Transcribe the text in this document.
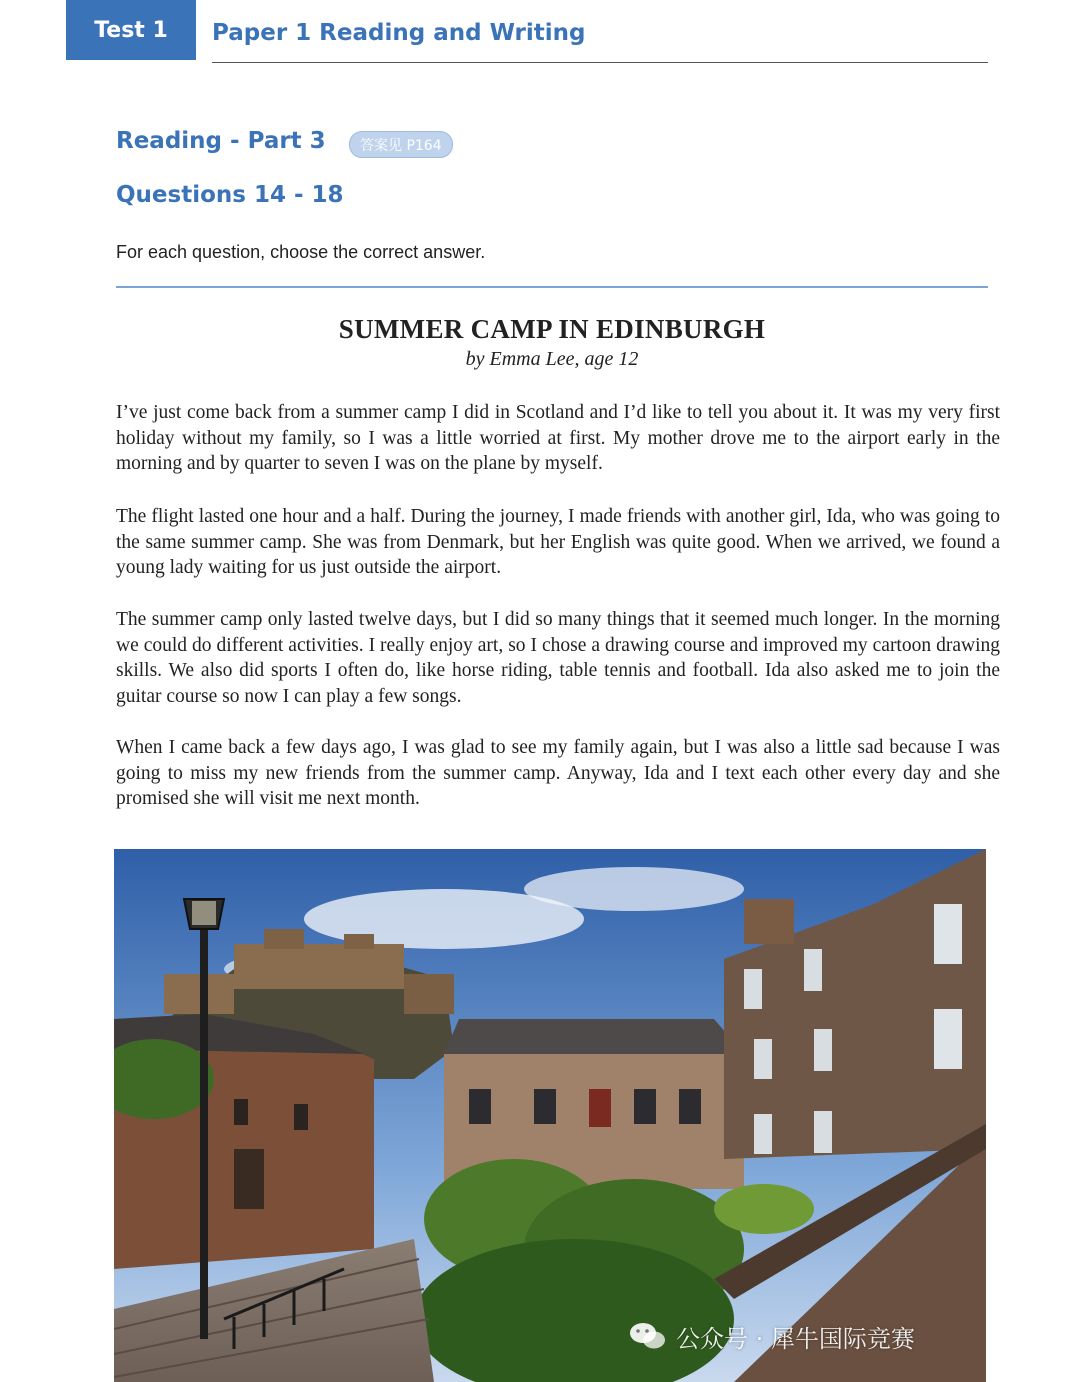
Test 1	Paper 1 Reading and Writing
Reading - Part 3	答案见 P164
Questions 14 - 18
For each question, choose the correct answer.
SUMMER CAMP IN EDINBURGH
by Emma Lee, age 12

I’ve just come back from a summer camp I did in Scotland and I’d like to tell you about it. It was my very first holiday without my family, so I was a little worried at first. My mother drove me to the airport early in the morning and by quarter to seven I was on the plane by myself.

The flight lasted one hour and a half. During the journey, I made friends with another girl, Ida, who was going to the same summer camp. She was from Denmark, but her English was quite good. When we arrived, we found a young lady waiting for us just outside the airport.

The summer camp only lasted twelve days, but I did so many things that it seemed much longer. In the morning we could do different activities. I really enjoy art, so I chose a drawing course and improved my cartoon drawing skills. We also did sports I often do, like horse riding, table tennis and football. Ida also asked me to join the guitar course so now I can play a few songs.

When I came back a few days ago, I was glad to see my family again, but I was also a little sad because I was going to miss my new friends from the summer camp. Anyway, Ida and I text each other every day and she promised she will visit me next month.

公众号 · 犀牛国际竞赛
